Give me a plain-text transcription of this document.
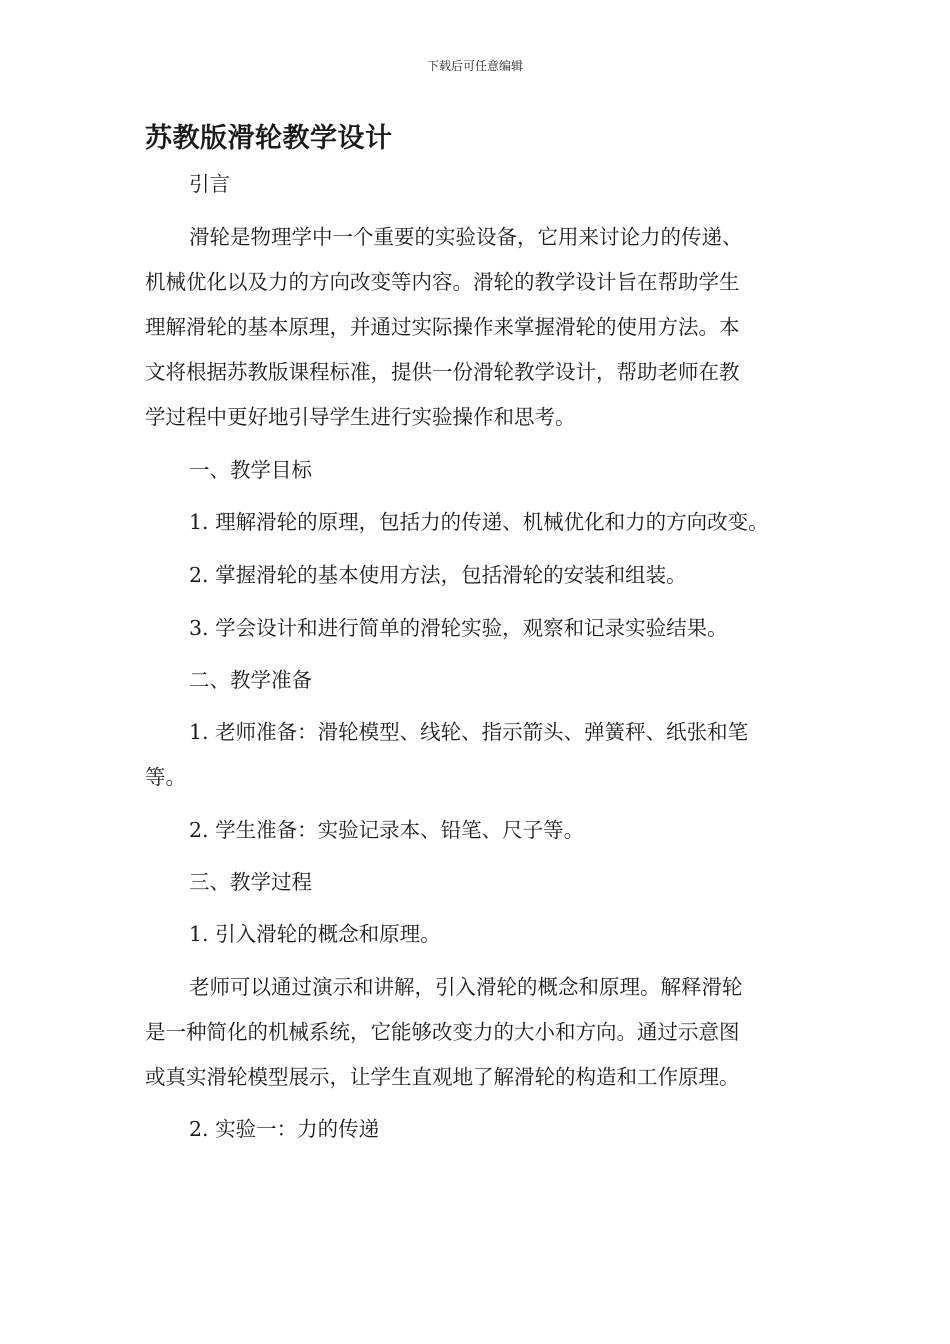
下载后可任意编辑
苏教版滑轮教学设计

引言

滑轮是物理学中一个重要的实验设备，它用来讨论力的传递、

机械优化以及力的方向改变等内容。滑轮的教学设计旨在帮助学生

理解滑轮的基本原理，并通过实际操作来掌握滑轮的使用方法。本

文将根据苏教版课程标准，提供一份滑轮教学设计，帮助老师在教

学过程中更好地引导学生进行实验操作和思考。

一、教学目标

1. 理解滑轮的原理，包括力的传递、机械优化和力的方向改变。

2. 掌握滑轮的基本使用方法，包括滑轮的安装和组装。

3. 学会设计和进行简单的滑轮实验，观察和记录实验结果。

二、教学准备

1. 老师准备：滑轮模型、线轮、指示箭头、弹簧秤、纸张和笔

等。

2. 学生准备：实验记录本、铅笔、尺子等。

三、教学过程

1. 引入滑轮的概念和原理。

老师可以通过演示和讲解，引入滑轮的概念和原理。解释滑轮

是一种简化的机械系统，它能够改变力的大小和方向。通过示意图

或真实滑轮模型展示，让学生直观地了解滑轮的构造和工作原理。

2. 实验一：力的传递
